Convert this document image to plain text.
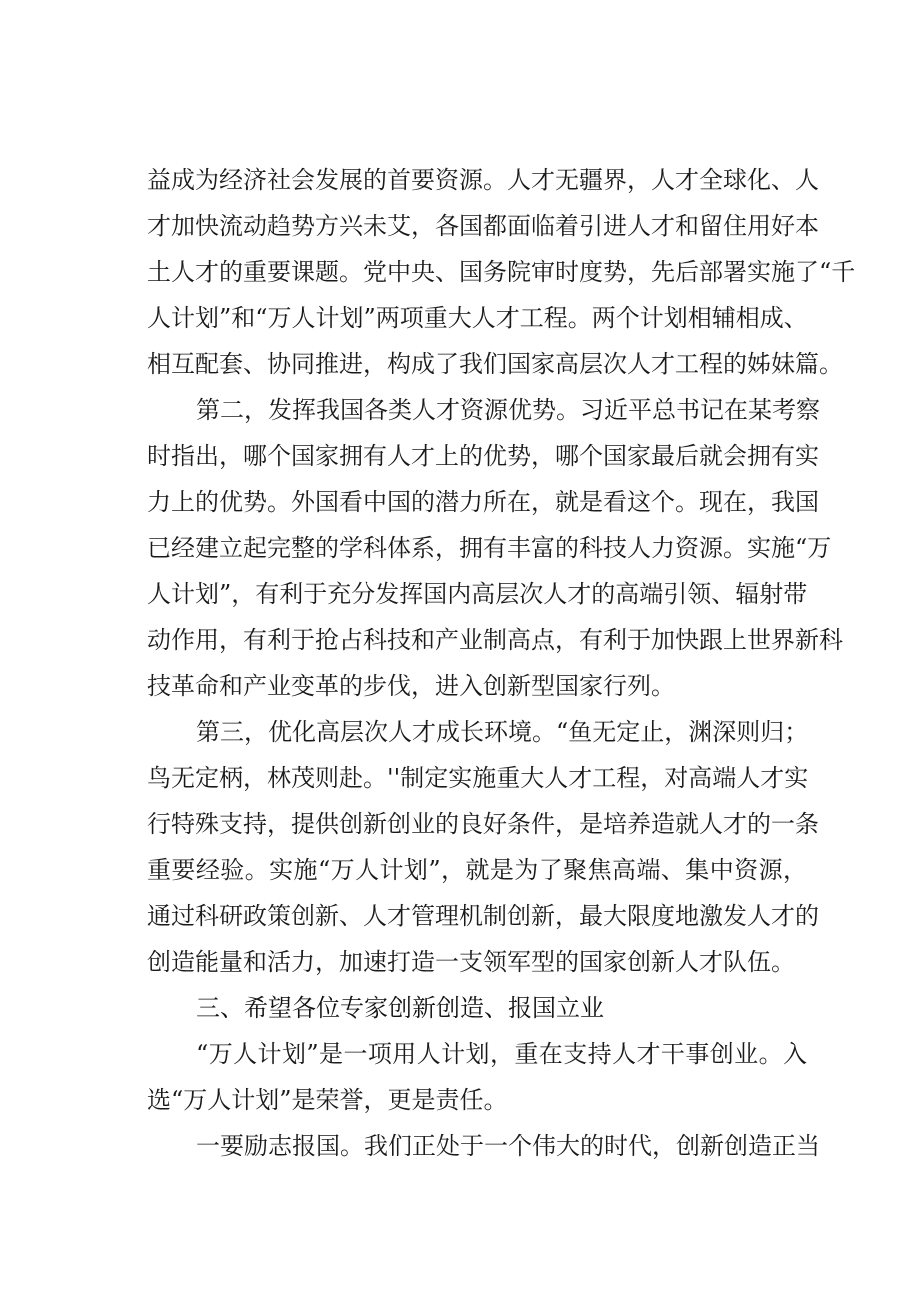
益成为经济社会发展的首要资源。人才无疆界，人才全球化、人
才加快流动趋势方兴未艾，各国都面临着引进人才和留住用好本
土人才的重要课题。党中央、国务院审时度势，先后部署实施了“千
人计划”和“万人计划”两项重大人才工程。两个计划相辅相成、
相互配套、协同推进，构成了我们国家高层次人才工程的姊妹篇。
第二，发挥我国各类人才资源优势。习近平总书记在某考察
时指出，哪个国家拥有人才上的优势，哪个国家最后就会拥有实
力上的优势。外国看中国的潜力所在，就是看这个。现在，我国
已经建立起完整的学科体系，拥有丰富的科技人力资源。实施“万
人计划”，有利于充分发挥国内高层次人才的高端引领、辐射带
动作用，有利于抢占科技和产业制高点，有利于加快跟上世界新科
技革命和产业变革的步伐，进入创新型国家行列。
第三，优化高层次人才成长环境。“鱼无定止，渊深则归；
鸟无定柄，林茂则赴。''制定实施重大人才工程，对高端人才实
行特殊支持，提供创新创业的良好条件，是培养造就人才的一条
重要经验。实施“万人计划”，就是为了聚焦高端、集中资源，
通过科研政策创新、人才管理机制创新，最大限度地激发人才的
创造能量和活力，加速打造一支领军型的国家创新人才队伍。
三、希望各位专家创新创造、报国立业
“万人计划”是一项用人计划，重在支持人才干事创业。入
选“万人计划”是荣誉，更是责任。
一要励志报国。我们正处于一个伟大的时代，创新创造正当
